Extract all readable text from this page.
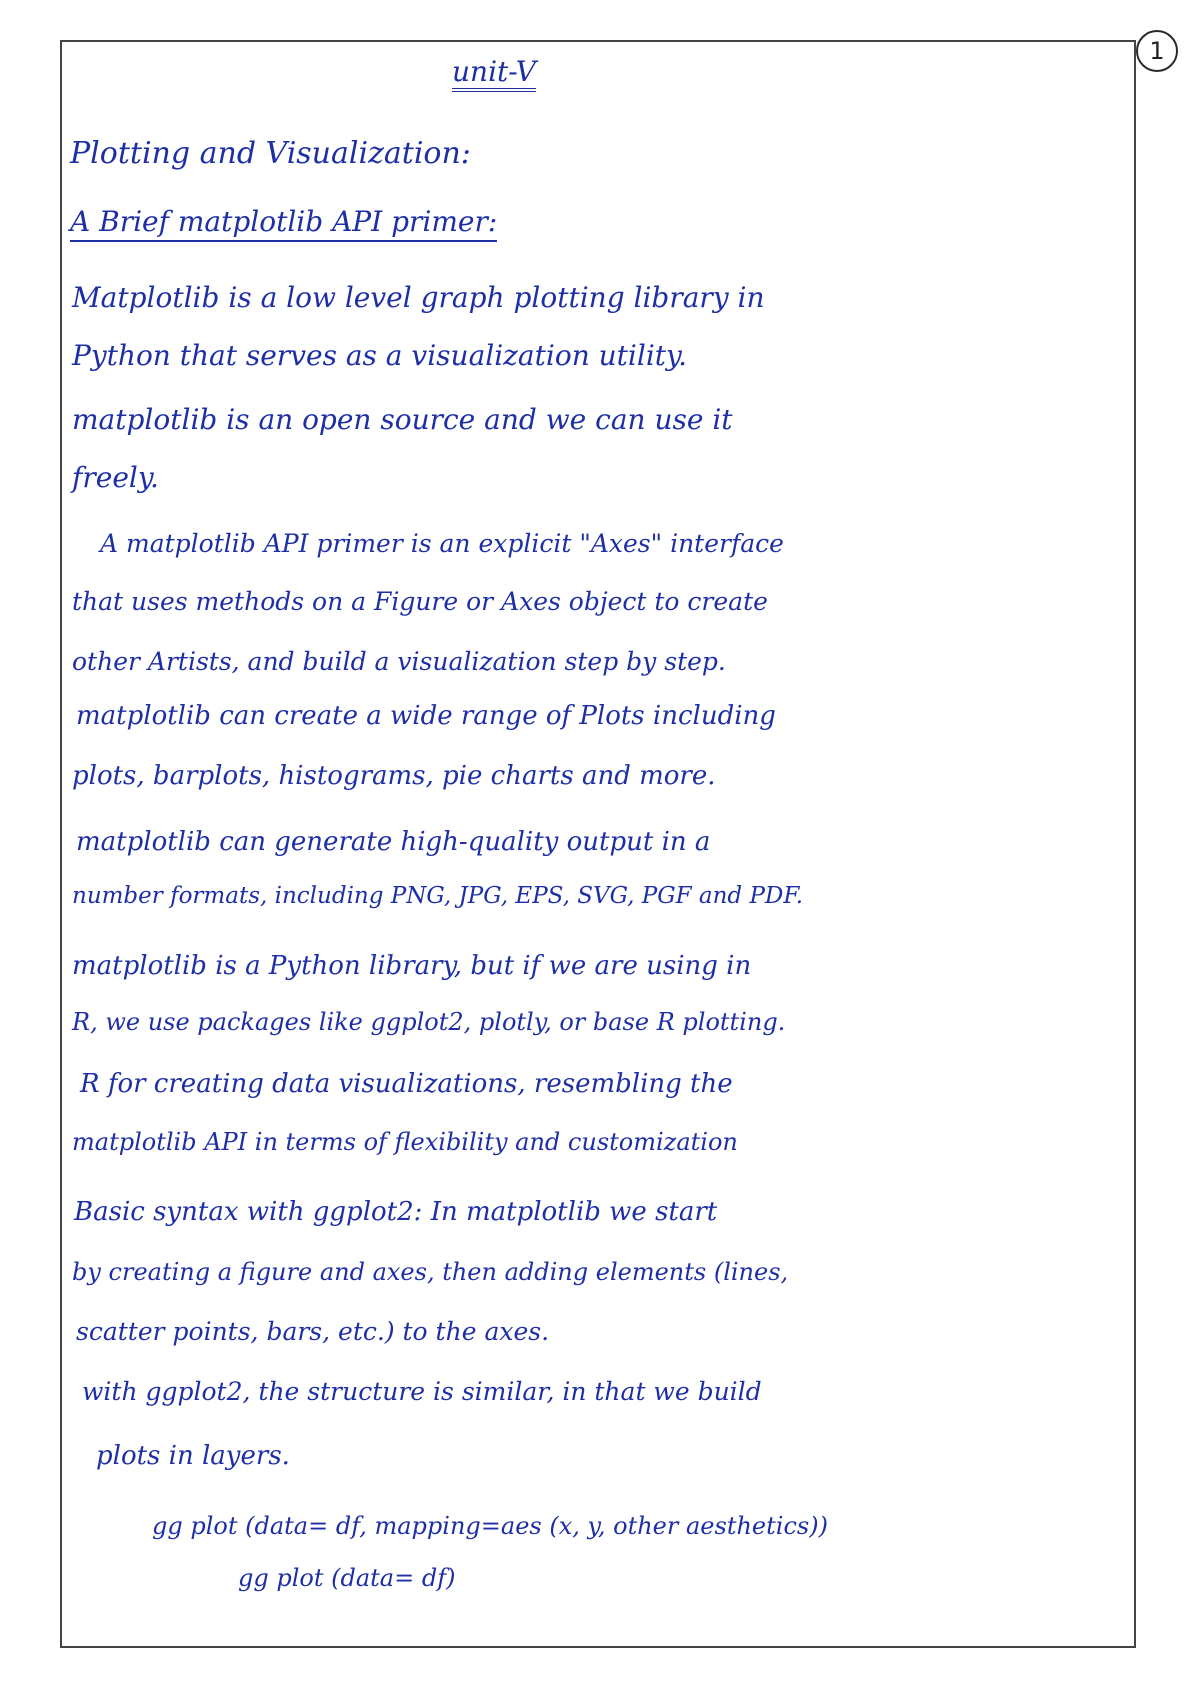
1
unit-V
Plotting and Visualization:
A Brief matplotlib API primer:
Matplotlib is a low level graph plotting library in
Python that serves as a visualization utility.
matplotlib is an open source and we can use it
freely.
A matplotlib API primer is an explicit "Axes" interface
that uses methods on a Figure or Axes object to create
other Artists, and build a visualization step by step.
matplotlib can create a wide range of Plots including
plots, barplots, histograms, pie charts and more.
matplotlib can generate high-quality output in a
number formats, including PNG, JPG, EPS, SVG, PGF and PDF.
matplotlib is a Python library, but if we are using in
R, we use packages like ggplot2, plotly, or base R plotting.
R for creating data visualizations, resembling the
matplotlib API in terms of flexibility and customization
Basic syntax with ggplot2: In matplotlib we start
by creating a figure and axes, then adding elements (lines,
scatter points, bars, etc.) to the axes.
with ggplot2, the structure is similar, in that we build
plots in layers.
gg plot (data= df, mapping=aes (x, y, other aesthetics))
gg plot (data= df)
